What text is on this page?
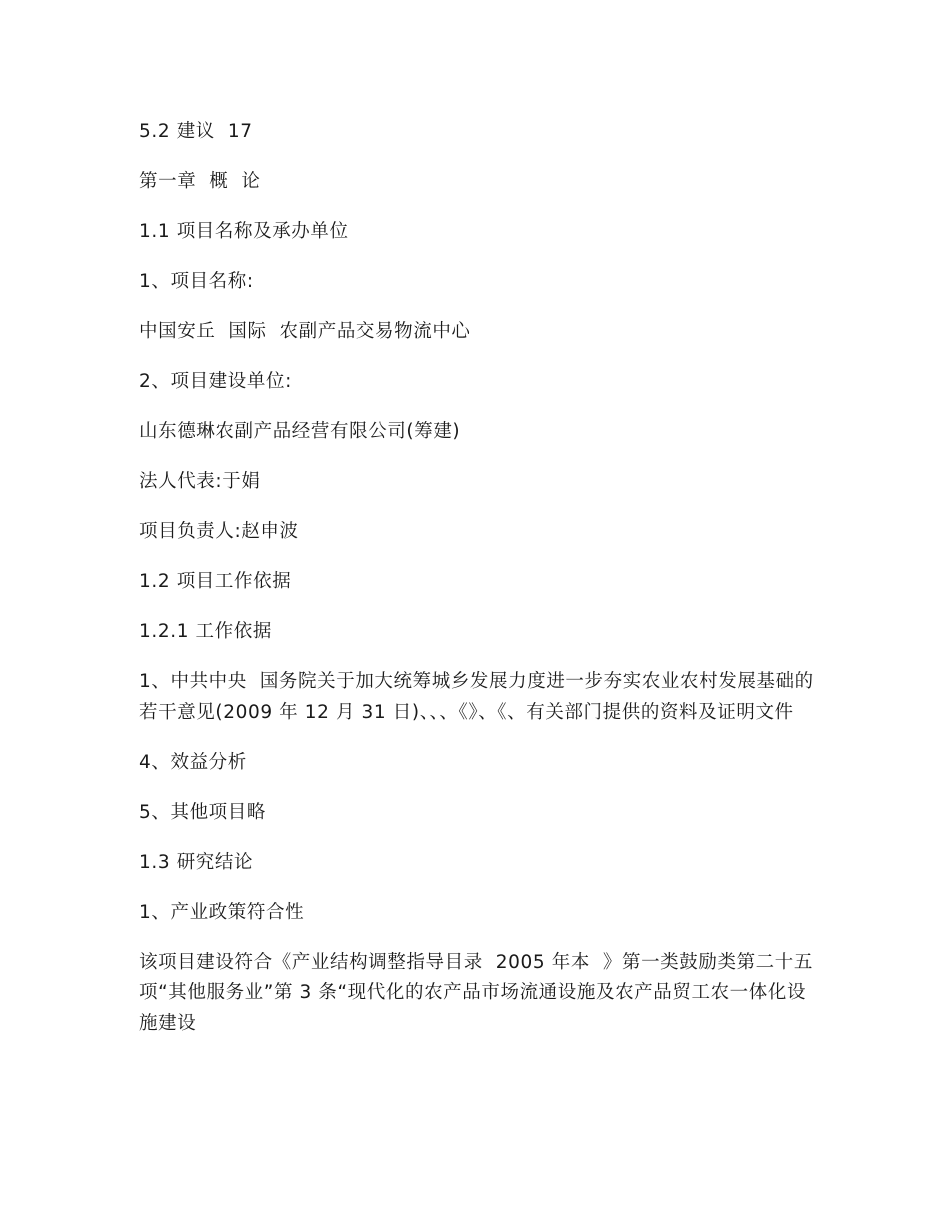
5.2 建议  17

第一章  概  论

1.1 项目名称及承办单位

1、项目名称:

中国安丘  国际  农副产品交易物流中心

2、项目建设单位:

山东德琳农副产品经营有限公司(筹建)

法人代表:于娟

项目负责人:赵申波

1.2 项目工作依据

1.2.1 工作依据

1、中共中央  国务院关于加大统筹城乡发展力度进一步夯实农业农村发展基础的若干意见(2009 年 12 月 31 日)、、、《》、《、有关部门提供的资料及证明文件

4、效益分析

5、其他项目略

1.3 研究结论

1、产业政策符合性

该项目建设符合《产业结构调整指导目录  2005 年本  》第一类鼓励类第二十五项“其他服务业”第 3 条“现代化的农产品市场流通设施及农产品贸工农一体化设施建设
